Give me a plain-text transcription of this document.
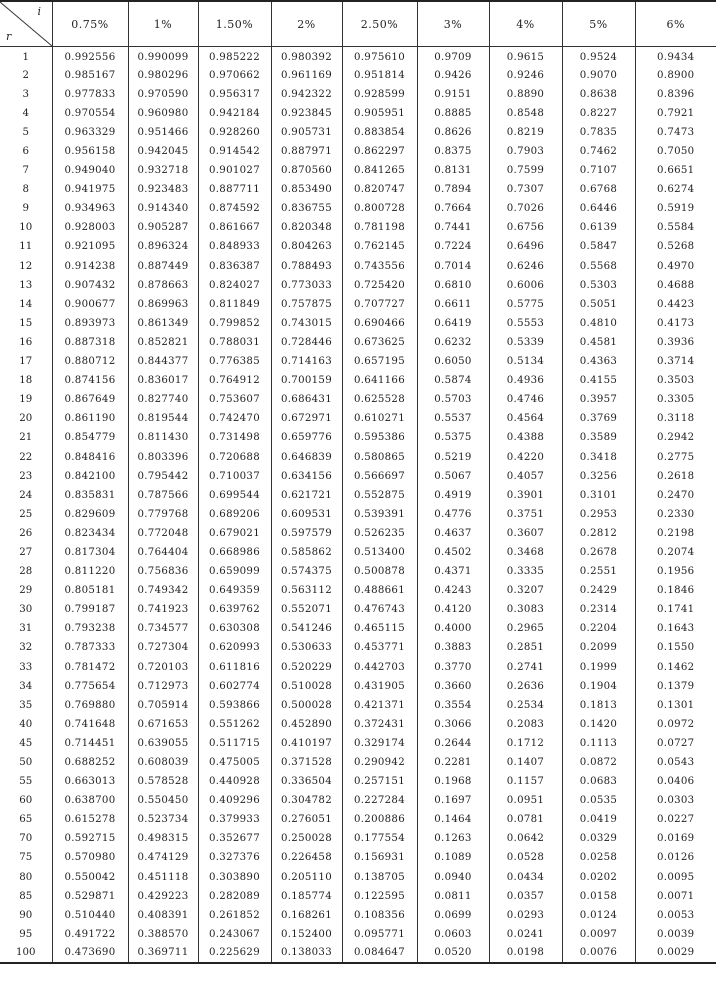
i
r	0.75%	1%	1.50%	2%	2.50%	3%	4%	5%	6%
1	0.992556	0.990099	0.985222	0.980392	0.975610	0.9709	0.9615	0.9524	0.9434
2	0.985167	0.980296	0.970662	0.961169	0.951814	0.9426	0.9246	0.9070	0.8900
3	0.977833	0.970590	0.956317	0.942322	0.928599	0.9151	0.8890	0.8638	0.8396
4	0.970554	0.960980	0.942184	0.923845	0.905951	0.8885	0.8548	0.8227	0.7921
5	0.963329	0.951466	0.928260	0.905731	0.883854	0.8626	0.8219	0.7835	0.7473
6	0.956158	0.942045	0.914542	0.887971	0.862297	0.8375	0.7903	0.7462	0.7050
7	0.949040	0.932718	0.901027	0.870560	0.841265	0.8131	0.7599	0.7107	0.6651
8	0.941975	0.923483	0.887711	0.853490	0.820747	0.7894	0.7307	0.6768	0.6274
9	0.934963	0.914340	0.874592	0.836755	0.800728	0.7664	0.7026	0.6446	0.5919
10	0.928003	0.905287	0.861667	0.820348	0.781198	0.7441	0.6756	0.6139	0.5584
11	0.921095	0.896324	0.848933	0.804263	0.762145	0.7224	0.6496	0.5847	0.5268
12	0.914238	0.887449	0.836387	0.788493	0.743556	0.7014	0.6246	0.5568	0.4970
13	0.907432	0.878663	0.824027	0.773033	0.725420	0.6810	0.6006	0.5303	0.4688
14	0.900677	0.869963	0.811849	0.757875	0.707727	0.6611	0.5775	0.5051	0.4423
15	0.893973	0.861349	0.799852	0.743015	0.690466	0.6419	0.5553	0.4810	0.4173
16	0.887318	0.852821	0.788031	0.728446	0.673625	0.6232	0.5339	0.4581	0.3936
17	0.880712	0.844377	0.776385	0.714163	0.657195	0.6050	0.5134	0.4363	0.3714
18	0.874156	0.836017	0.764912	0.700159	0.641166	0.5874	0.4936	0.4155	0.3503
19	0.867649	0.827740	0.753607	0.686431	0.625528	0.5703	0.4746	0.3957	0.3305
20	0.861190	0.819544	0.742470	0.672971	0.610271	0.5537	0.4564	0.3769	0.3118
21	0.854779	0.811430	0.731498	0.659776	0.595386	0.5375	0.4388	0.3589	0.2942
22	0.848416	0.803396	0.720688	0.646839	0.580865	0.5219	0.4220	0.3418	0.2775
23	0.842100	0.795442	0.710037	0.634156	0.566697	0.5067	0.4057	0.3256	0.2618
24	0.835831	0.787566	0.699544	0.621721	0.552875	0.4919	0.3901	0.3101	0.2470
25	0.829609	0.779768	0.689206	0.609531	0.539391	0.4776	0.3751	0.2953	0.2330
26	0.823434	0.772048	0.679021	0.597579	0.526235	0.4637	0.3607	0.2812	0.2198
27	0.817304	0.764404	0.668986	0.585862	0.513400	0.4502	0.3468	0.2678	0.2074
28	0.811220	0.756836	0.659099	0.574375	0.500878	0.4371	0.3335	0.2551	0.1956
29	0.805181	0.749342	0.649359	0.563112	0.488661	0.4243	0.3207	0.2429	0.1846
30	0.799187	0.741923	0.639762	0.552071	0.476743	0.4120	0.3083	0.2314	0.1741
31	0.793238	0.734577	0.630308	0.541246	0.465115	0.4000	0.2965	0.2204	0.1643
32	0.787333	0.727304	0.620993	0.530633	0.453771	0.3883	0.2851	0.2099	0.1550
33	0.781472	0.720103	0.611816	0.520229	0.442703	0.3770	0.2741	0.1999	0.1462
34	0.775654	0.712973	0.602774	0.510028	0.431905	0.3660	0.2636	0.1904	0.1379
35	0.769880	0.705914	0.593866	0.500028	0.421371	0.3554	0.2534	0.1813	0.1301
40	0.741648	0.671653	0.551262	0.452890	0.372431	0.3066	0.2083	0.1420	0.0972
45	0.714451	0.639055	0.511715	0.410197	0.329174	0.2644	0.1712	0.1113	0.0727
50	0.688252	0.608039	0.475005	0.371528	0.290942	0.2281	0.1407	0.0872	0.0543
55	0.663013	0.578528	0.440928	0.336504	0.257151	0.1968	0.1157	0.0683	0.0406
60	0.638700	0.550450	0.409296	0.304782	0.227284	0.1697	0.0951	0.0535	0.0303
65	0.615278	0.523734	0.379933	0.276051	0.200886	0.1464	0.0781	0.0419	0.0227
70	0.592715	0.498315	0.352677	0.250028	0.177554	0.1263	0.0642	0.0329	0.0169
75	0.570980	0.474129	0.327376	0.226458	0.156931	0.1089	0.0528	0.0258	0.0126
80	0.550042	0.451118	0.303890	0.205110	0.138705	0.0940	0.0434	0.0202	0.0095
85	0.529871	0.429223	0.282089	0.185774	0.122595	0.0811	0.0357	0.0158	0.0071
90	0.510440	0.408391	0.261852	0.168261	0.108356	0.0699	0.0293	0.0124	0.0053
95	0.491722	0.388570	0.243067	0.152400	0.095771	0.0603	0.0241	0.0097	0.0039
100	0.473690	0.369711	0.225629	0.138033	0.084647	0.0520	0.0198	0.0076	0.0029
